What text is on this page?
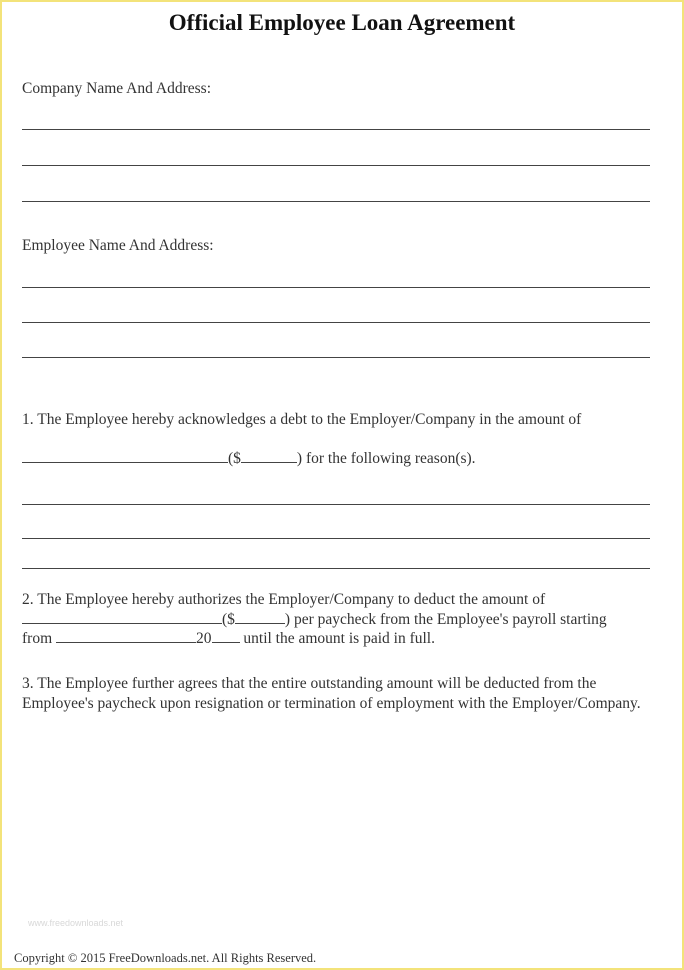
Official Employee Loan Agreement
Company Name And Address:
Employee Name And Address:
1. The Employee hereby acknowledges a debt to the Employer/Company in the amount of
($	) for the following reason(s).
2. The Employee hereby authorizes the Employer/Company to deduct the amount of
($	) per paycheck from the Employee's payroll starting
from	20 until the amount is paid in full.
3. The Employee further agrees that the entire outstanding amount will be deducted from the Employee's paycheck upon resignation or termination of employment with the Employer/Company.
www.freedownloads.net
Copyright © 2015 FreeDownloads.net. All Rights Reserved.
